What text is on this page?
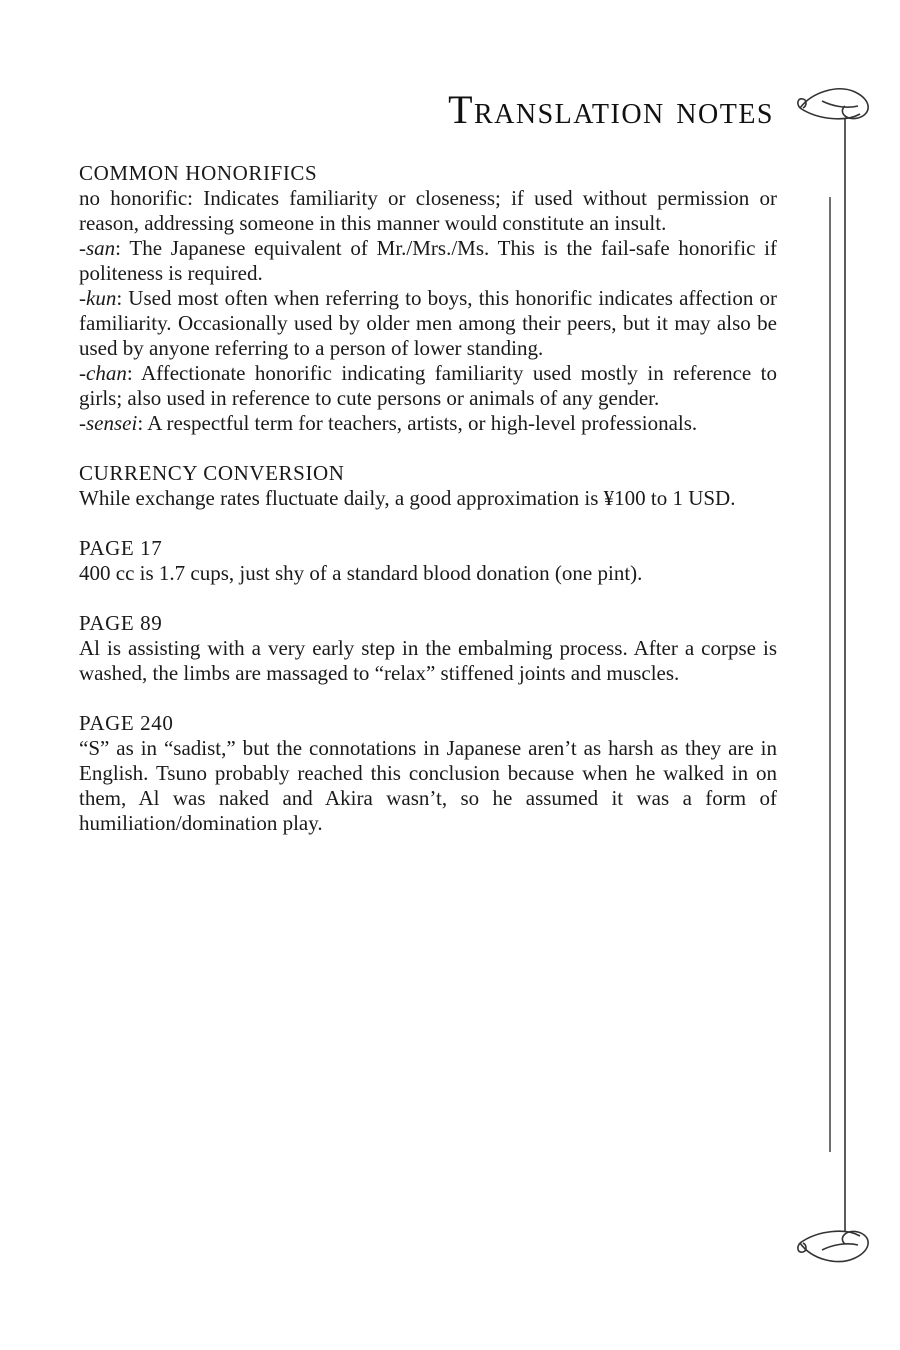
Translation notes
COMMON HONORIFICS
no honorific: Indicates familiarity or closeness; if used without permission or reason, addressing someone in this manner would constitute an insult.
-san: The Japanese equivalent of Mr./Mrs./Ms. This is the fail-safe honorific if politeness is required.
-kun: Used most often when referring to boys, this honorific indicates affection or familiarity. Occasionally used by older men among their peers, but it may also be used by anyone referring to a person of lower standing.
-chan: Affectionate honorific indicating familiarity used mostly in reference to girls; also used in reference to cute persons or animals of any gender.
-sensei: A respectful term for teachers, artists, or high-level professionals.
CURRENCY CONVERSION
While exchange rates fluctuate daily, a good approximation is ¥100 to 1 USD.
PAGE 17
400 cc is 1.7 cups, just shy of a standard blood donation (one pint).
PAGE 89
Al is assisting with a very early step in the embalming process. After a corpse is washed, the limbs are massaged to “relax” stiffened joints and muscles.
PAGE 240
“S” as in “sadist,” but the connotations in Japanese aren’t as harsh as they are in English. Tsuno probably reached this conclusion because when he walked in on them, Al was naked and Akira wasn’t, so he assumed it was a form of humiliation/domination play.
